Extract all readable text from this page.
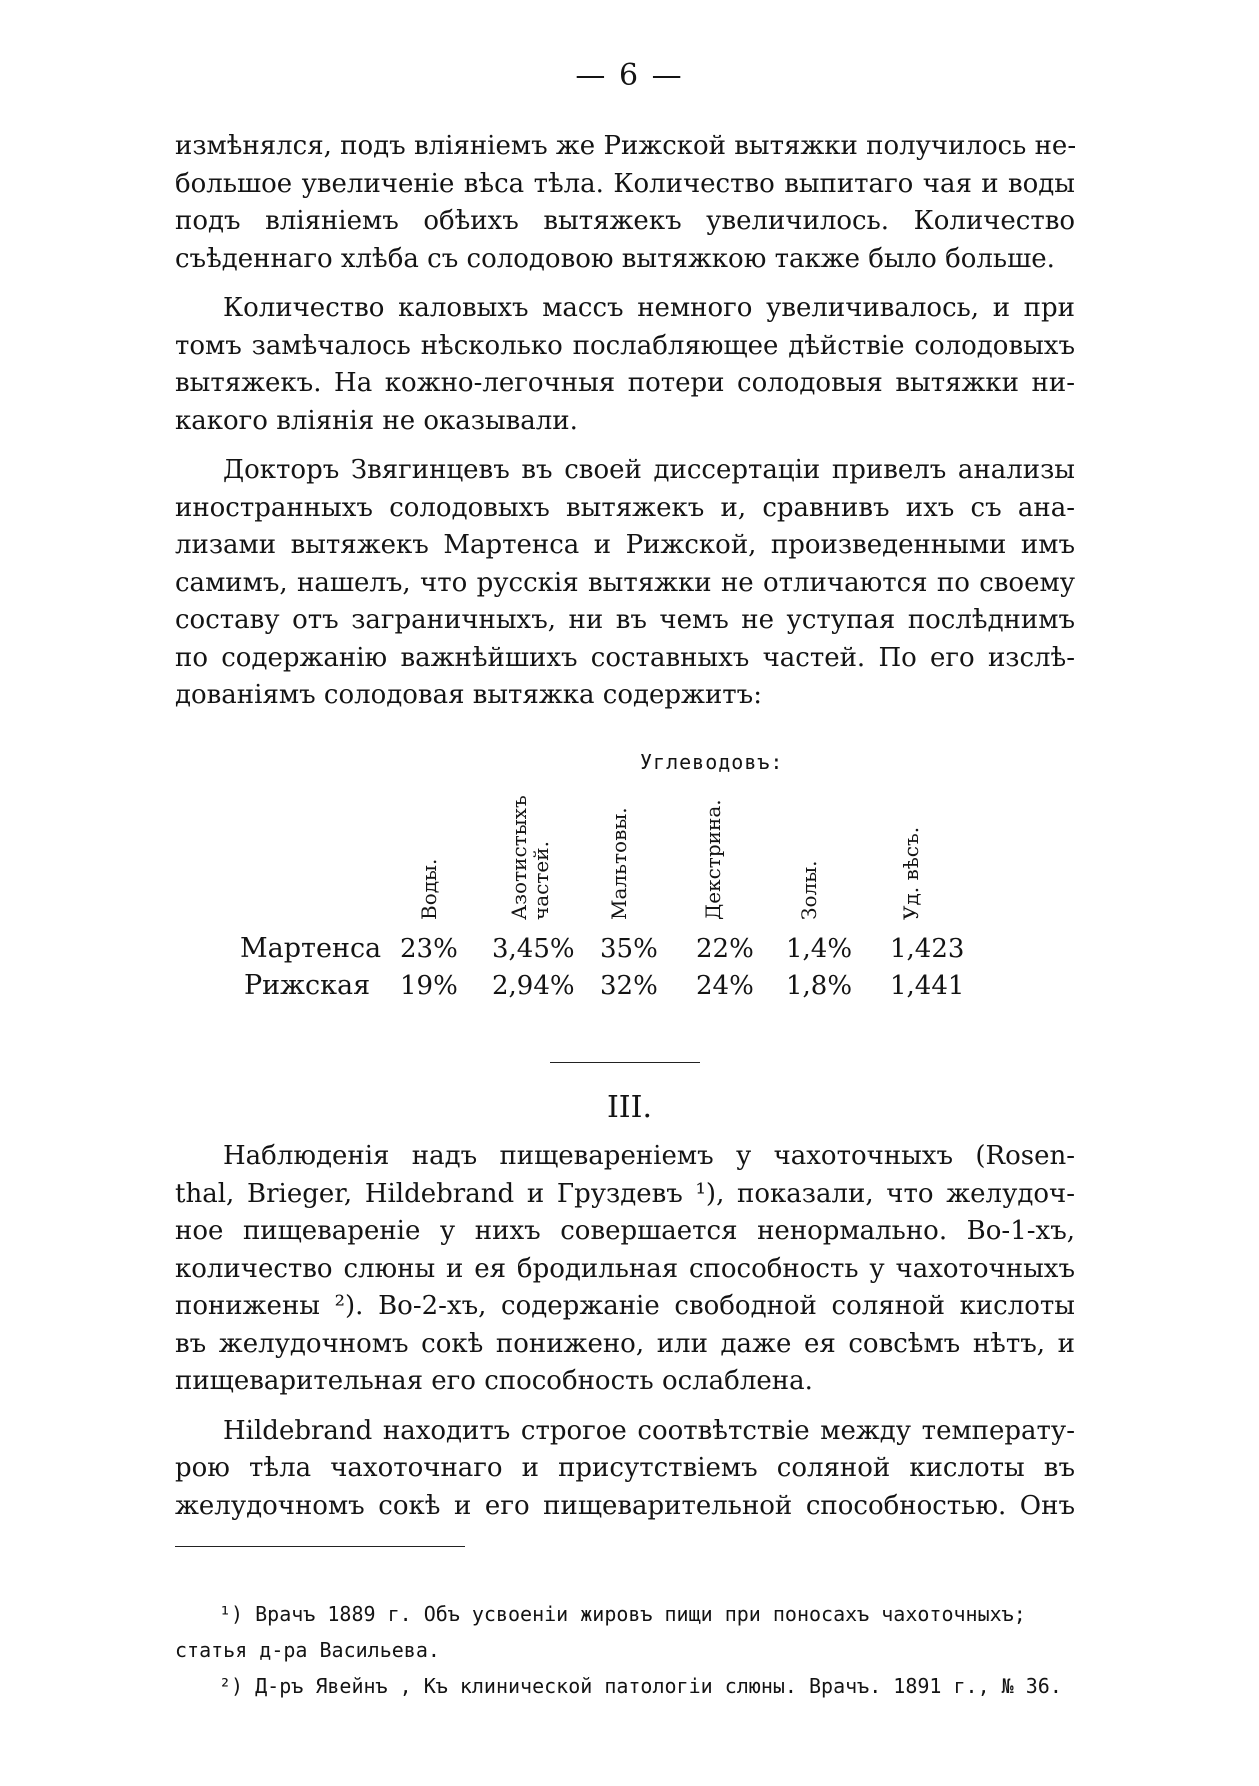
— 6 —
измѣнялся, подъ вліяніемъ же Рижской вытяжки получилось не-
большое увеличеніе вѣса тѣла. Количество выпитаго чая и воды
подъ вліяніемъ обѣихъ вытяжекъ увеличилось. Количество
съѣденнаго хлѣба съ солодовою вытяжкою также было больше.
Количество каловыхъ массъ немного увеличивалось, и при
томъ замѣчалось нѣсколько послабляющее дѣйствіе солодовыхъ
вытяжекъ. На кожно-легочныя потери солодовыя вытяжки ни-
какого вліянія не оказывали.
Докторъ Звягинцевъ въ своей диссертаціи привелъ анализы
иностранныхъ солодовыхъ вытяжекъ и, сравнивъ ихъ съ ана-
лизами вытяжекъ Мартенса и Рижской, произведенными имъ
самимъ, нашелъ, что русскія вытяжки не отличаются по своему
составу отъ заграничныхъ, ни въ чемъ не уступая послѣднимъ
по содержанію важнѣйшихъ составныхъ частей. По его изслѣ-
дованіямъ солодовая вытяжка содержитъ:
Углеводовъ:
Воды.	Азотистыхъ частей.	Мальтовы.	Декстрина.	Золы.	Уд. вѣсъ.
Мартенса 23% 3,45% 35% 22% 1,4% 1,423
Рижская 19% 2,94% 32% 24% 1,8% 1,441
III.
Наблюденія надъ пищевареніемъ у чахоточныхъ (Rosen-
thal, Brieger, Hildebrand и Груздевъ ¹), показали, что желудоч-
ное пищевареніе у нихъ совершается ненормально. Во-1-хъ,
количество слюны и ея бродильная способность у чахоточныхъ
понижены ²). Во-2-хъ, содержаніе свободной соляной кислоты
въ желудочномъ сокѣ понижено, или даже ея совсѣмъ нѣтъ, и
пищеварительная его способность ослаблена.
Hildebrand находитъ строгое соотвѣтствіе между температу-
рою тѣла чахоточнаго и присутствіемъ соляной кислоты въ
желудочномъ сокѣ и его пищеварительной способностью. Онъ
¹) Врачъ 1889 г. Объ усвоеніи жировъ пищи при поносахъ чахоточныхъ;
статья д-ра Васильева.
²) Д-ръ Явейнъ , Къ клинической патологіи слюны. Врачъ. 1891 г., № 36.
